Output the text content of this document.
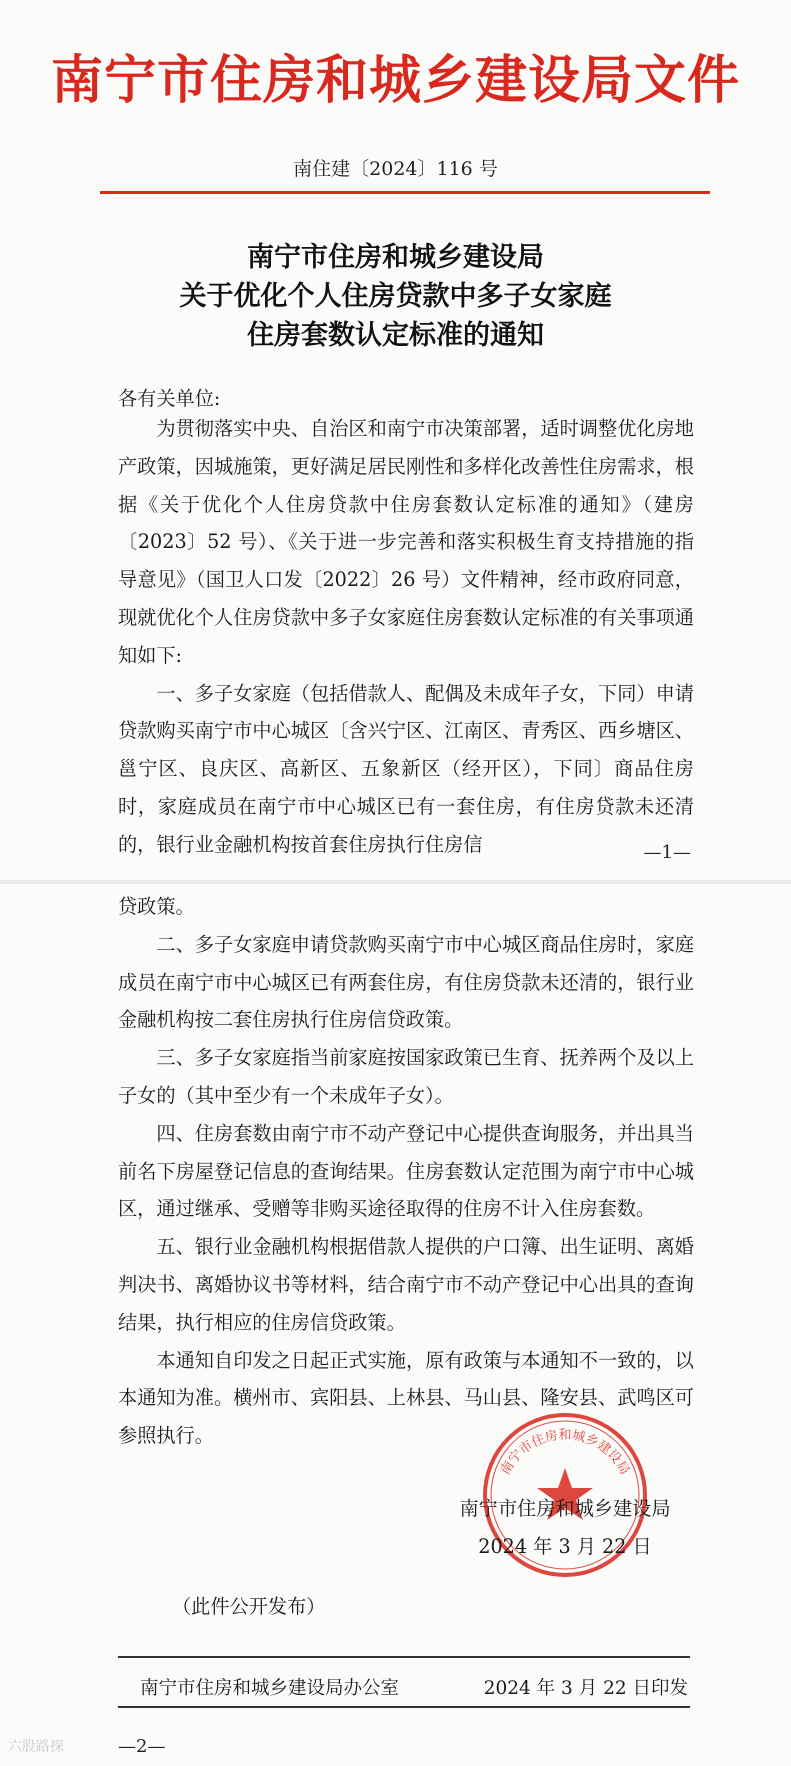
南宁市住房和城乡建设局文件
南住建〔2024〕116 号
南宁市住房和城乡建设局
关于优化个人住房贷款中多子女家庭
住房套数认定标准的通知
各有关单位:

为贯彻落实中央、自治区和南宁市决策部署，适时调整优化房地产政策，因城施策，更好满足居民刚性和多样化改善性住房需求，根据《关于优化个人住房贷款中住房套数认定标准的通知》（建房〔2023〕52 号）、《关于进一步完善和落实积极生育支持措施的指导意见》（国卫人口发〔2022〕26 号）文件精神，经市政府同意，现就优化个人住房贷款中多子女家庭住房套数认定标准的有关事项通知如下:

一、多子女家庭（包括借款人、配偶及未成年子女，下同）申请贷款购买南宁市中心城区〔含兴宁区、江南区、青秀区、西乡塘区、邕宁区、良庆区、高新区、五象新区（经开区），下同〕商品住房时，家庭成员在南宁市中心城区已有一套住房，有住房贷款未还清的，银行业金融机构按首套住房执行住房信	—1—

贷政策。

二、多子女家庭申请贷款购买南宁市中心城区商品住房时，家庭成员在南宁市中心城区已有两套住房，有住房贷款未还清的，银行业金融机构按二套住房执行住房信贷政策。

三、多子女家庭指当前家庭按国家政策已生育、抚养两个及以上子女的（其中至少有一个未成年子女）。

四、住房套数由南宁市不动产登记中心提供查询服务，并出具当前名下房屋登记信息的查询结果。住房套数认定范围为南宁市中心城区，通过继承、受赠等非购买途径取得的住房不计入住房套数。

五、银行业金融机构根据借款人提供的户口簿、出生证明、离婚判决书、离婚协议书等材料，结合南宁市不动产登记中心出具的查询结果，执行相应的住房信贷政策。

本通知自印发之日起正式实施，原有政策与本通知不一致的，以本通知为准。横州市、宾阳县、上林县、马山县、隆安县、武鸣区可参照执行。

南宁市住房和城乡建设局
南宁市住房和城乡建设局
2024 年 3 月 22 日
（此件公开发布）
南宁市住房和城乡建设局办公室	2024 年 3 月 22 日印发
六股路探	—2—
